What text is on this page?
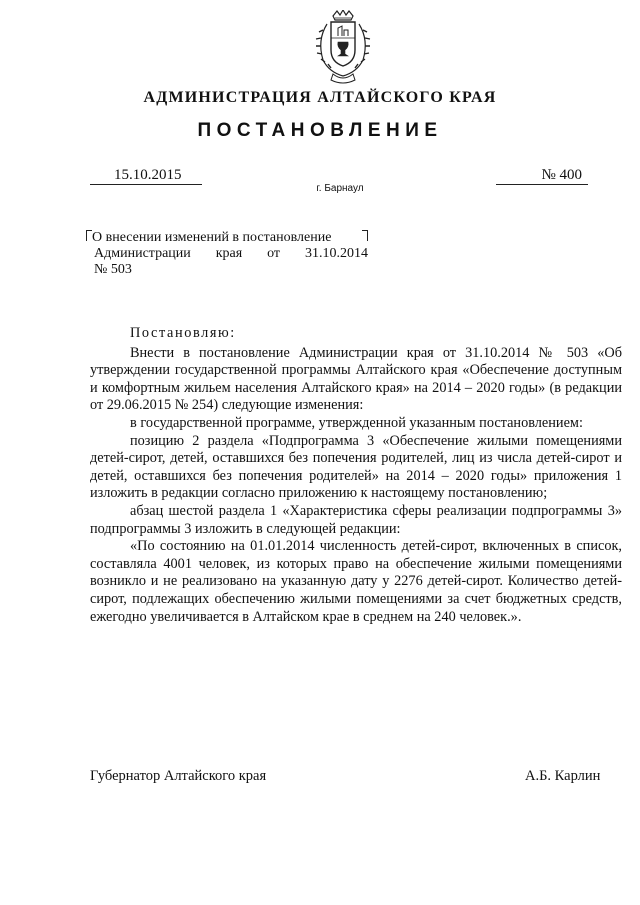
АДМИНИСТРАЦИЯ АЛТАЙСКОГО КРАЯ
ПОСТАНОВЛЕНИЕ
15.10.2015	№ 400
г. Барнаул
О внесении изменений в постановление
Администрации края от 31.10.2014
№ 503

Постановляю:

Внести в постановление Администрации края от 31.10.2014 № 503 «Об утверждении государственной программы Алтайского края «Обеспечение доступным и комфортным жильем населения Алтайского края» на 2014 – 2020 годы» (в редакции от 29.06.2015 № 254) следующие изменения:

в государственной программе, утвержденной указанным постановлением:

позицию 2 раздела «Подпрограмма 3 «Обеспечение жилыми помещениями детей-сирот, детей, оставшихся без попечения родителей, лиц из числа детей-сирот и детей, оставшихся без попечения родителей» на 2014 – 2020 годы» приложения 1 изложить в редакции согласно приложению к настоящему постановлению;

абзац шестой раздела 1 «Характеристика сферы реализации подпрограммы 3» подпрограммы 3 изложить в следующей редакции:

«По состоянию на 01.01.2014 численность детей-сирот, включенных в список, составляла 4001 человек, из которых право на обеспечение жилыми помещениями возникло и не реализовано на указанную дату у 2276 детей-сирот. Количество детей-сирот, подлежащих обеспечению жилыми помещениями за счет бюджетных средств, ежегодно увеличивается в Алтайском крае в среднем на 240 человек.».

Губернатор Алтайского края	А.Б. Карлин
